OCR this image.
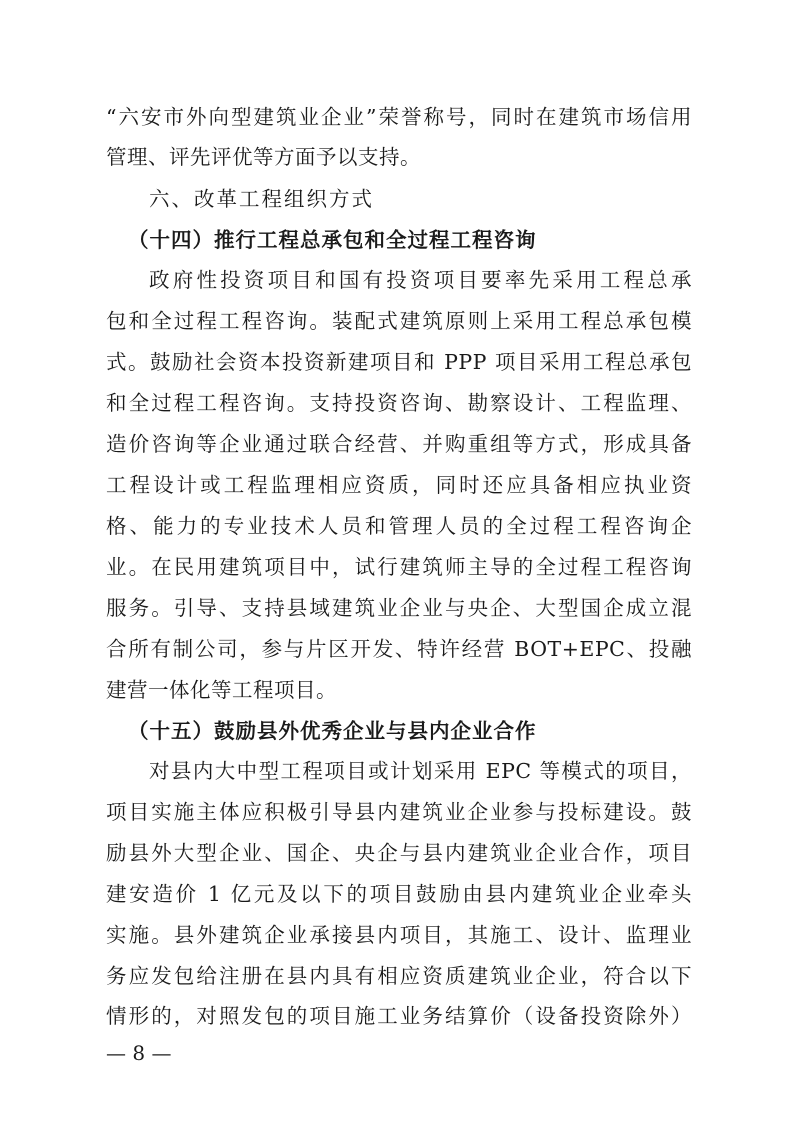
“六安市外向型建筑业企业”荣誉称号，同时在建筑市场信用
管理、评先评优等方面予以支持。
六、改革工程组织方式
（十四）推行工程总承包和全过程工程咨询
政府性投资项目和国有投资项目要率先采用工程总承
包和全过程工程咨询。装配式建筑原则上采用工程总承包模
式。鼓励社会资本投资新建项目和 PPP 项目采用工程总承包
和全过程工程咨询。支持投资咨询、勘察设计、工程监理、
造价咨询等企业通过联合经营、并购重组等方式，形成具备
工程设计或工程监理相应资质，同时还应具备相应执业资
格、能力的专业技术人员和管理人员的全过程工程咨询企
业。在民用建筑项目中，试行建筑师主导的全过程工程咨询
服务。引导、支持县域建筑业企业与央企、大型国企成立混
合所有制公司，参与片区开发、特许经营 BOT+EPC、投融
建营一体化等工程项目。
（十五）鼓励县外优秀企业与县内企业合作
对县内大中型工程项目或计划采用 EPC 等模式的项目，
项目实施主体应积极引导县内建筑业企业参与投标建设。鼓
励县外大型企业、国企、央企与县内建筑业企业合作，项目
建安造价 1 亿元及以下的项目鼓励由县内建筑业企业牵头
实施。县外建筑企业承接县内项目，其施工、设计、监理业
务应发包给注册在县内具有相应资质建筑业企业，符合以下
情形的，对照发包的项目施工业务结算价（设备投资除外）
— 8 —
